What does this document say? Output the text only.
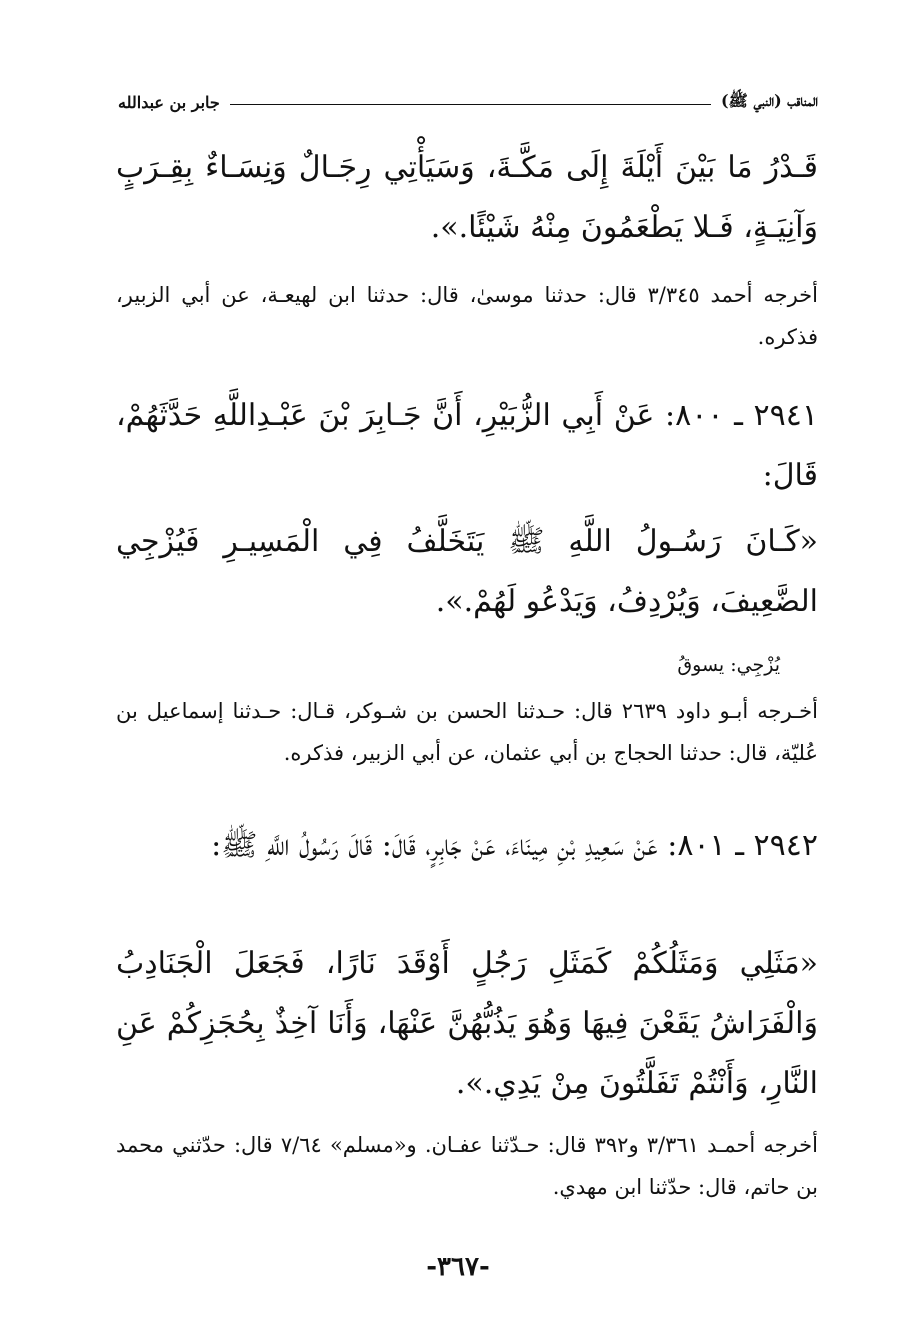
المناقب (النبي ﷺ)
جابر بن عبدالله

قَـدْرُ مَا بَيْنَ أَيْلَةَ إِلَى مَكَّـةَ، وَسَيَأْتِي رِجَـالٌ وَنِسَـاءٌ بِقِـرَبٍ وَآنِيَـةٍ، فَـلا يَطْعَمُونَ مِنْهُ شَيْئًا.».

أخرجه أحمد ٣/٣٤٥ قال: حدثنا موسىٰ، قال: حدثنا ابن لهيعـة، عن أبي الزبير، فذكره.

٢٩٤١ ـ ٨٠٠: عَنْ أَبِي الزُّبَيْرِ، أَنَّ جَـابِرَ بْنَ عَبْـدِاللَّهِ حَدَّثَهُمْ، قَالَ:

«كَـانَ رَسُـولُ اللَّهِ ﷺ يَتَخَلَّفُ فِي الْمَسِيـرِ فَيُزْجِي الضَّعِيفَ، وَيُرْدِفُ، وَيَدْعُو لَهُمْ.».

يُزْجِي: يسوقُ

أخـرجه أبـو داود ٢٦٣٩ قال: حـدثنا الحسن بن شـوكر، قـال: حـدثنا إسماعيل بن عُليّة، قال: حدثنا الحجاج بن أبي عثمان، عن أبي الزبير، فذكره.

٢٩٤٢ ـ ٨٠١: عَنْ سَعِيدِ بْنِ مِينَاءَ، عَنْ جَابِرٍ، قَالَ: قَالَ رَسُولُ اللَّهِ ﷺ:

«مَثَلِي وَمَثَلُكُمْ كَمَثَلِ رَجُلٍ أَوْقَدَ نَارًا، فَجَعَلَ الْجَنَادِبُ وَالْفَرَاشُ يَقَعْنَ فِيهَا وَهُوَ يَذُبُّهُنَّ عَنْهَا، وَأَنَا آخِذٌ بِحُجَزِكُمْ عَنِ النَّارِ، وَأَنْتُمْ تَفَلَّتُونَ مِنْ يَدِي.».

أخرجه أحمـد ٣/٣٦١ و٣٩٢ قال: حـدّثنا عفـان. و«مسلم» ٧/٦٤ قال: حدّثني محمد بن حاتم، قال: حدّثنا ابن مهدي.

-٣٦٧-
